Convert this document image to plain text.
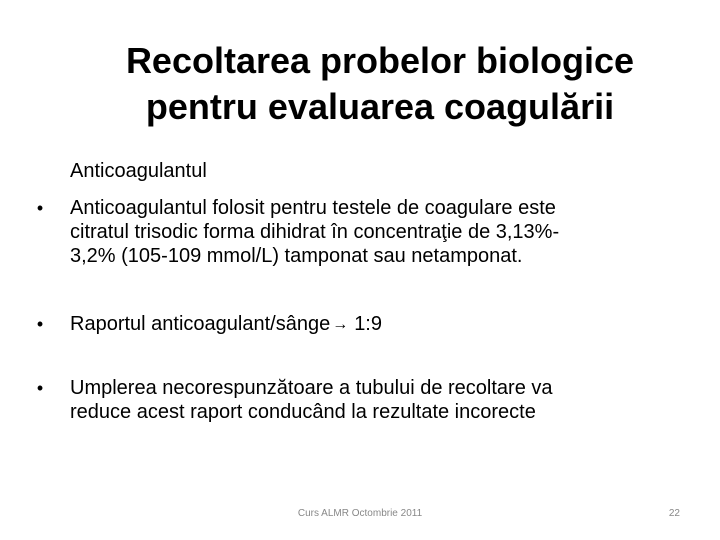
Recoltarea probelor biologice
pentru evaluarea coagulării
Anticoagulantul
•	Anticoagulantul folosit pentru testele de coagulare este
citratul trisodic forma dihidrat în concentraţie de 3,13%-
3,2% (105-109 mmol/L) tamponat sau netamponat.
•	Raportul anticoagulant/sânge → 1:9
•	Umplerea necorespunzătoare a tubului de recoltare va
reduce acest raport conducând la rezultate incorecte
Curs ALMR Octombrie 2011	22
